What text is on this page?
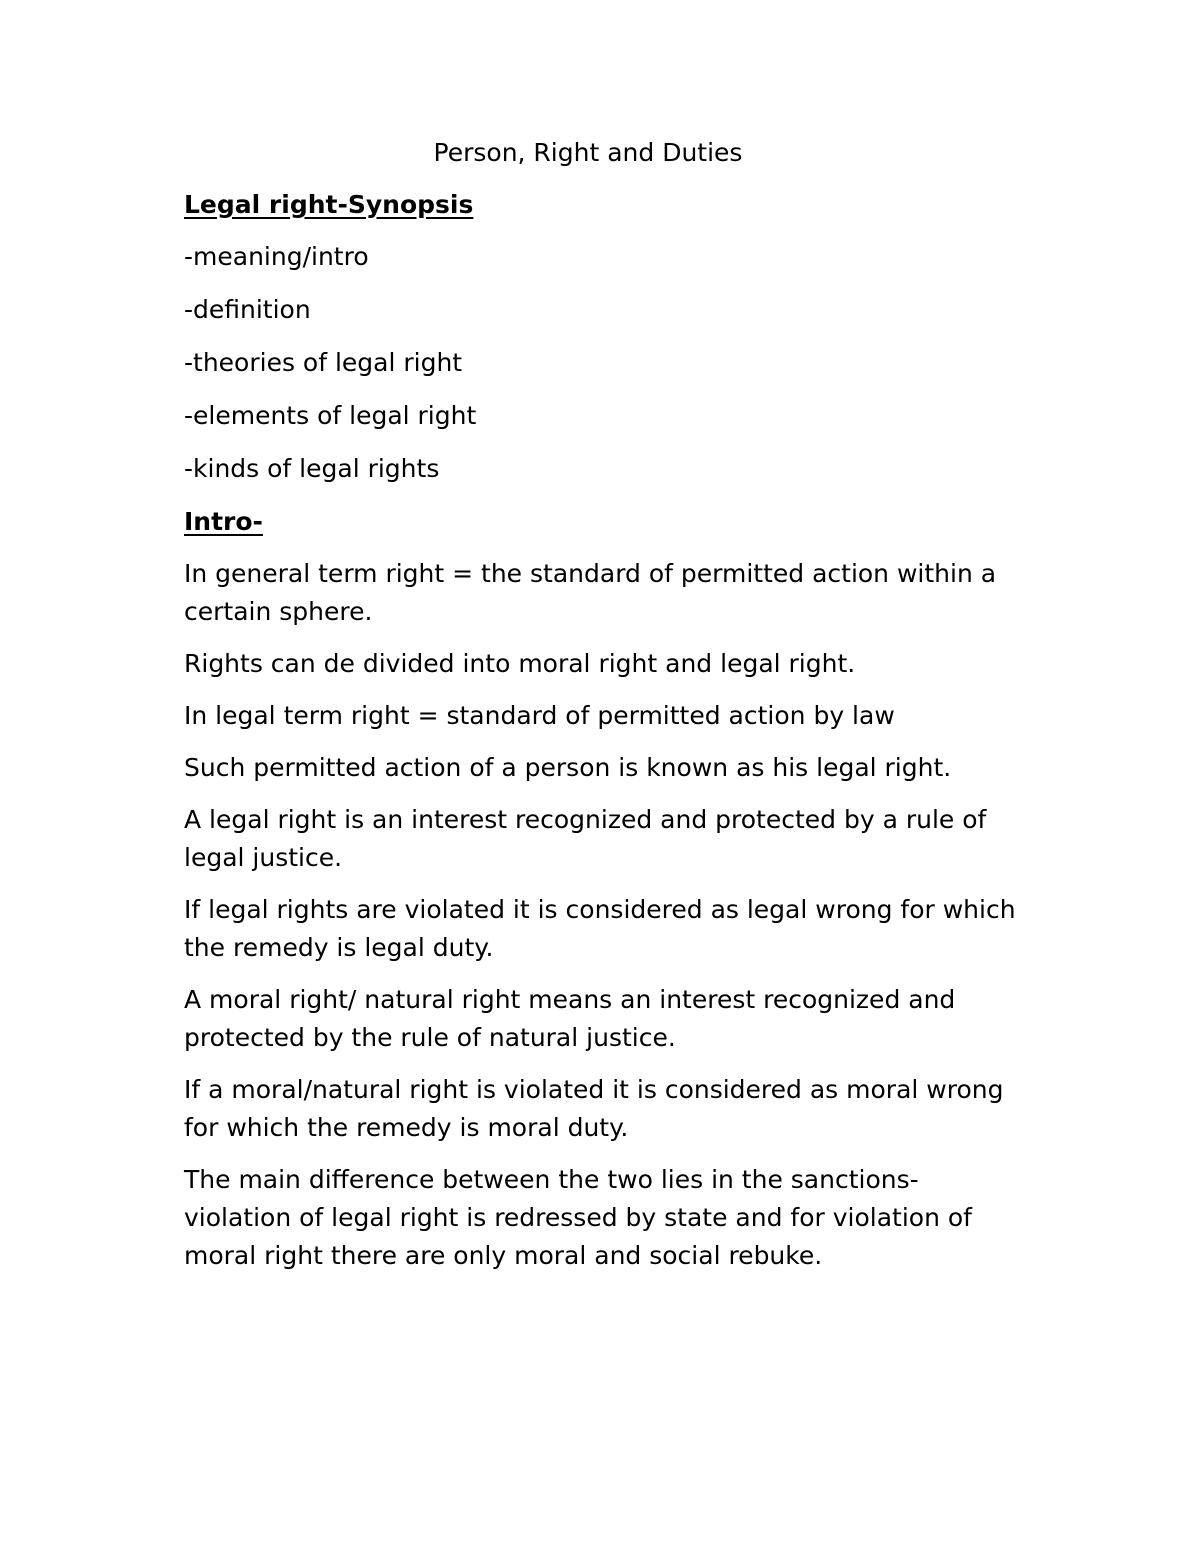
Person, Right and Duties
Legal right-Synopsis
-meaning/intro
-definition
-theories of legal right
-elements of legal right
-kinds of legal rights
Intro-

In general term right = the standard of permitted action within a certain sphere.

Rights can de divided into moral right and legal right.

In legal term right = standard of permitted action by law

Such permitted action of a person is known as his legal right.

A legal right is an interest recognized and protected by a rule of legal justice.

If legal rights are violated it is considered as legal wrong for which the remedy is legal duty.

A moral right/ natural right means an interest recognized and protected by the rule of natural justice.

If a moral/natural right is violated it is considered as moral wrong for which the remedy is moral duty.

The main difference between the two lies in the sanctions- violation of legal right is redressed by state and for violation of moral right there are only moral and social rebuke.
